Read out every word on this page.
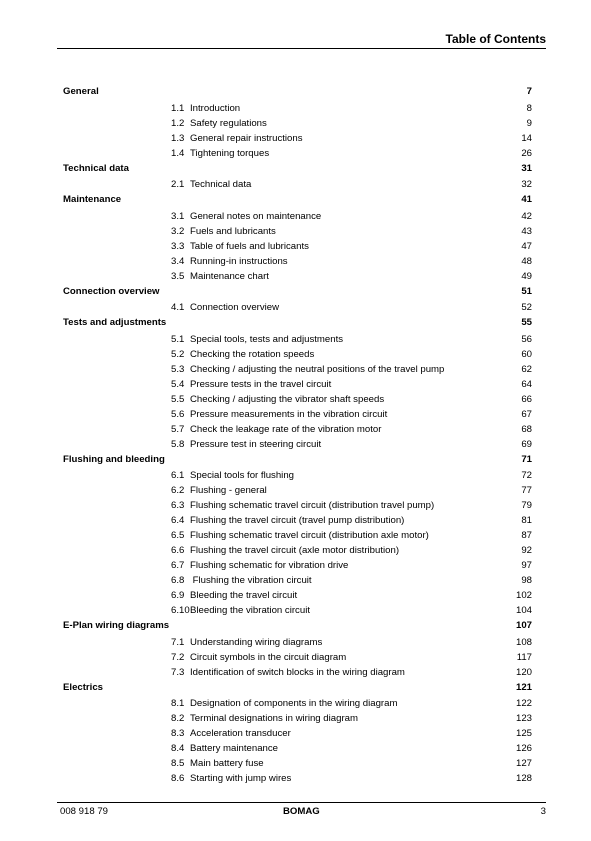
Table of Contents
General	7
1.1 Introduction	8
1.2 Safety regulations	9
1.3 General repair instructions	14
1.4 Tightening torques	26
Technical data	31
2.1 Technical data	32
Maintenance	41
3.1 General notes on maintenance	42
3.2 Fuels and lubricants	43
3.3 Table of fuels and lubricants	47
3.4 Running-in instructions	48
3.5 Maintenance chart	49
Connection overview	51
4.1 Connection overview	52
Tests and adjustments	55
5.1 Special tools, tests and adjustments	56
5.2 Checking the rotation speeds	60
5.3 Checking / adjusting the neutral positions of the travel pump	62
5.4 Pressure tests in the travel circuit	64
5.5 Checking / adjusting the vibrator shaft speeds	66
5.6 Pressure measurements in the vibration circuit	67
5.7 Check the leakage rate of the vibration motor	68
5.8 Pressure test in steering circuit	69
Flushing and bleeding	71
6.1 Special tools for flushing	72
6.2 Flushing - general	77
6.3 Flushing schematic travel circuit (distribution travel pump)	79
6.4 Flushing the travel circuit (travel pump distribution)	81
6.5 Flushing schematic travel circuit (distribution axle motor)	87
6.6 Flushing the travel circuit (axle motor distribution)	92
6.7 Flushing schematic for vibration drive	97
6.8 Flushing the vibration circuit	98
6.9 Bleeding the travel circuit	102
6.10 Bleeding the vibration circuit	104
E-Plan wiring diagrams	107
7.1 Understanding wiring diagrams	108
7.2 Circuit symbols in the circuit diagram	117
7.3 Identification of switch blocks in the wiring diagram	120
Electrics	121
8.1 Designation of components in the wiring diagram	122
8.2 Terminal designations in wiring diagram	123
8.3 Acceleration transducer	125
8.4 Battery maintenance	126
8.5 Main battery fuse	127
8.6 Starting with jump wires	128
008 918 79	BOMAG	3
